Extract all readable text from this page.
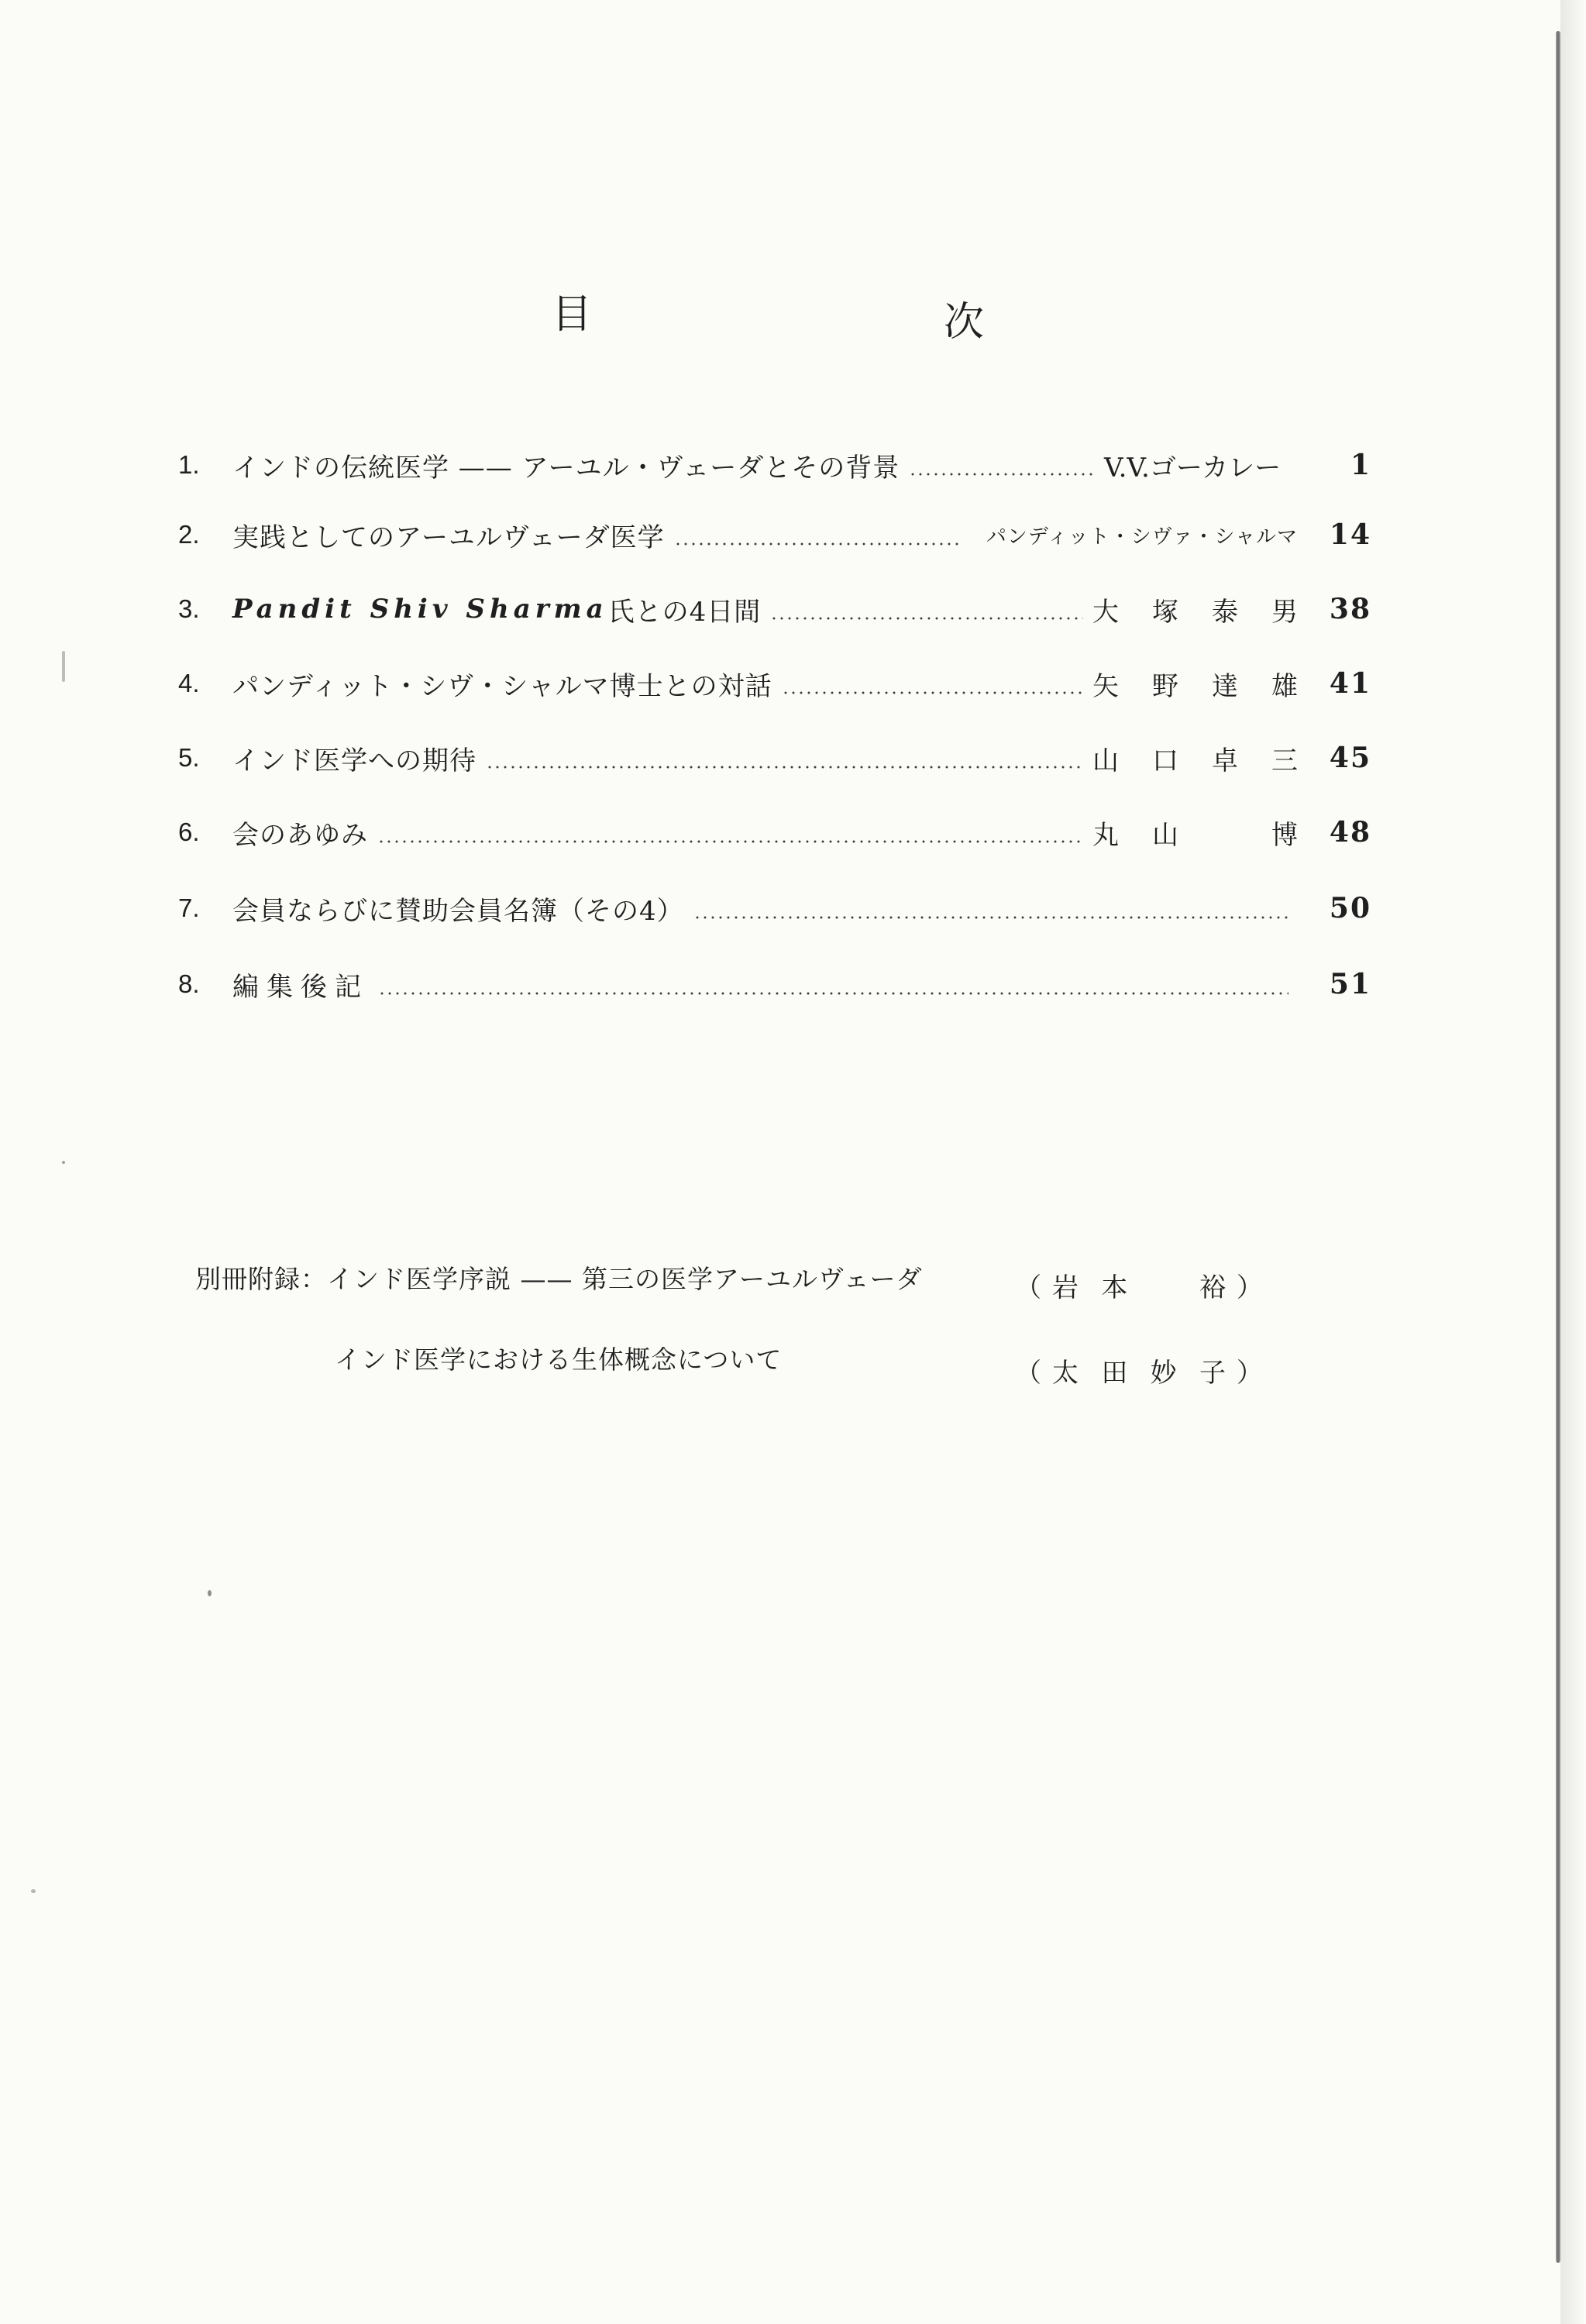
目	次
1.	インドの伝統医学 —— アーユル・ヴェーダとその背景	V.V.ゴーカレー	1
2.	実践としてのアーユルヴェーダ医学	パンディット・シヴァ・シャルマ	14
3.	Pandit Shiv Sharma 氏との4日間	大塚泰男	38
4.	パンディット・シヴ・シャルマ博士との対話	矢野達雄	41
5.	インド医学への期待	山口卓三	45
6.	会のあゆみ	丸山　博	48
7.	会員ならびに賛助会員名簿（その4）	50
8.	編集後記	51
別冊附録： インド医学序説 —— 第三の医学アーユルヴェーダ	（ 岩本　裕 ）
インド医学における生体概念について	（ 太田妙子 ）
